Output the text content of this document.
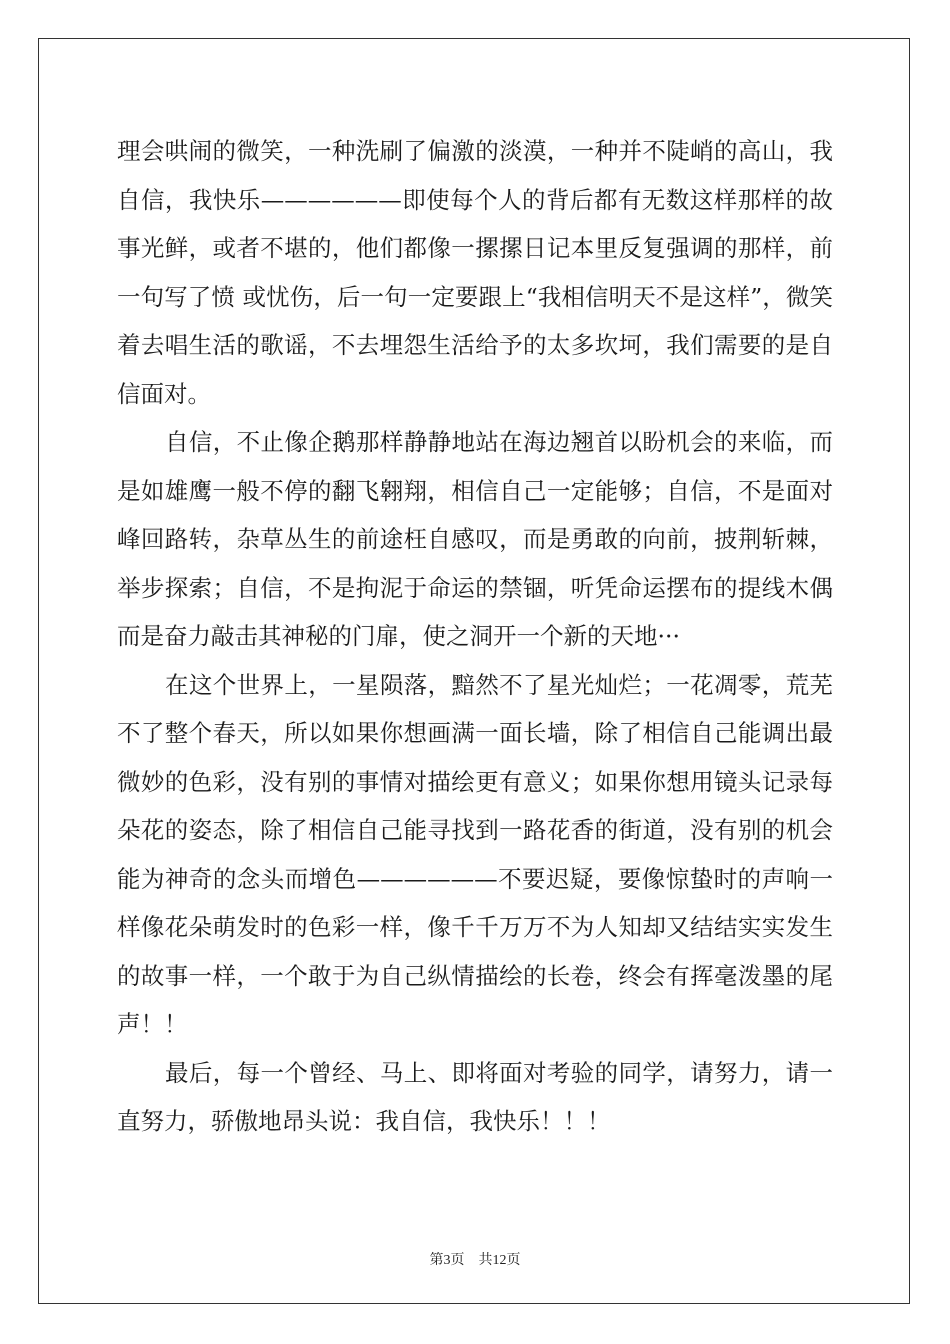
理会哄闹的微笑，一种洗刷了偏激的淡漠，一种并不陡峭的高山，我自信，我快乐——————即使每个人的背后都有无数这样那样的故事光鲜，或者不堪的，他们都像一摞摞日记本里反复强调的那样，前一句写了愤 或忧伤，后一句一定要跟上“我相信明天不是这样”，微笑着去唱生活的歌谣，不去埋怨生活给予的太多坎坷，我们需要的是自信面对。

自信，不止像企鹅那样静静地站在海边翘首以盼机会的来临，而是如雄鹰一般不停的翻飞翱翔，相信自己一定能够；自信，不是面对峰回路转，杂草丛生的前途枉自感叹，而是勇敢的向前，披荆斩棘，举步探索；自信，不是拘泥于命运的禁锢，听凭命运摆布的提线木偶而是奋力敲击其神秘的门扉，使之洞开一个新的天地···

在这个世界上，一星陨落，黯然不了星光灿烂；一花凋零，荒芜不了整个春天，所以如果你想画满一面长墙，除了相信自己能调出最微妙的色彩，没有别的事情对描绘更有意义；如果你想用镜头记录每朵花的姿态，除了相信自己能寻找到一路花香的街道，没有别的机会能为神奇的念头而增色——————不要迟疑，要像惊蛰时的声响一样像花朵萌发时的色彩一样，像千千万万不为人知却又结结实实发生的故事一样，一个敢于为自己纵情描绘的长卷，终会有挥毫泼墨的尾声！！

最后，每一个曾经、马上、即将面对考验的同学，请努力，请一直努力，骄傲地昂头说：我自信，我快乐！！！

第3页 共12页
